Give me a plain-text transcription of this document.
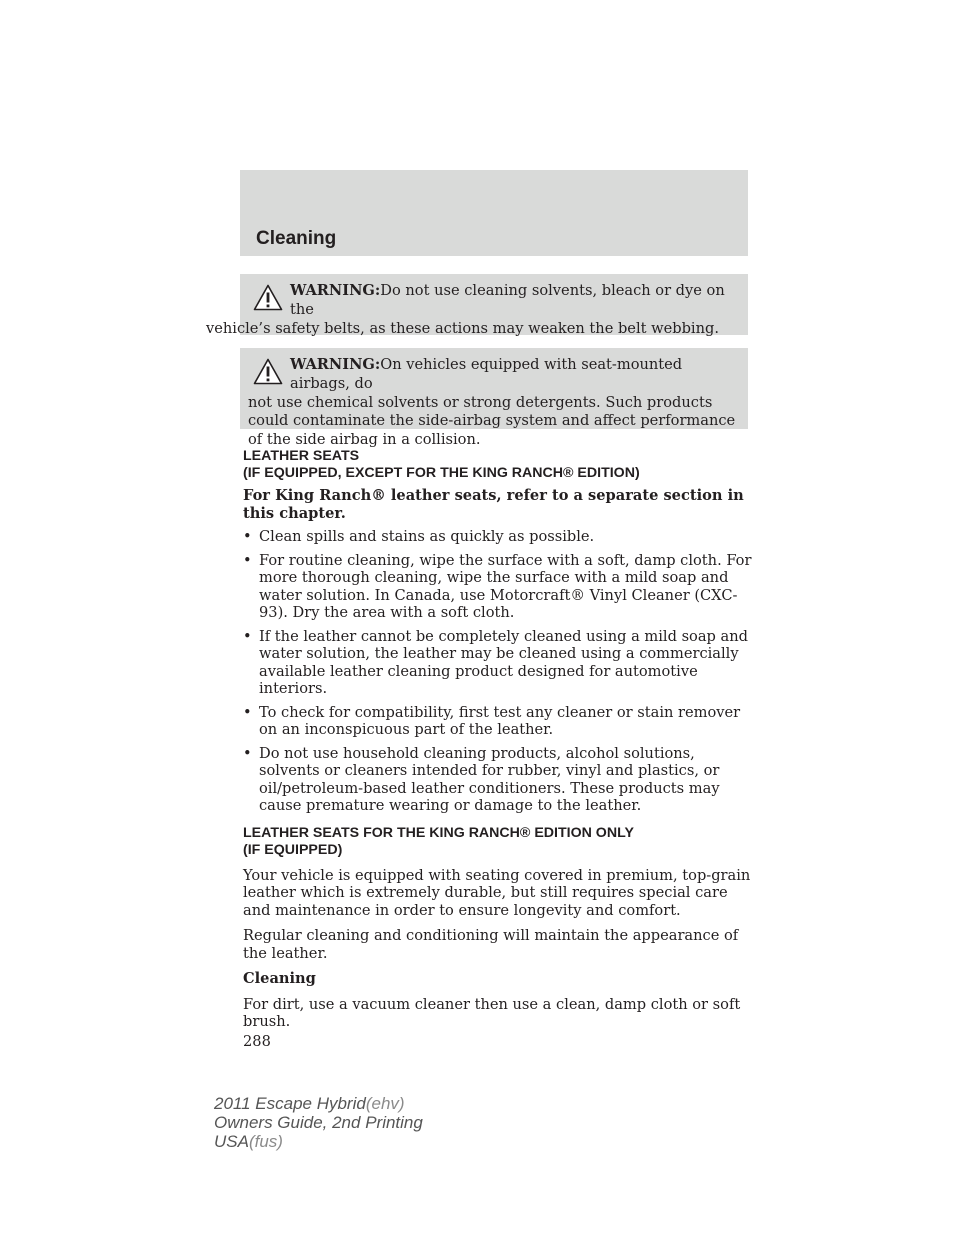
Cleaning
WARNING:Do not use cleaning solvents, bleach or dye on the
vehicle’s safety belts, as these actions may weaken the belt webbing.
WARNING:On vehicles equipped with seat-mounted airbags, do
not use chemical solvents or strong detergents. Such products could contaminate the side-airbag system and affect performance of the side airbag in a collision.

LEATHER SEATS
(IF EQUIPPED, EXCEPT FOR THE KING RANCH® EDITION)

For King Ranch® leather seats, refer to a separate section in this chapter.

• Clean spills and stains as quickly as possible.
• For routine cleaning, wipe the surface with a soft, damp cloth. For more thorough cleaning, wipe the surface with a mild soap and water solution. In Canada, use Motorcraft® Vinyl Cleaner (CXC-93). Dry the area with a soft cloth.
• If the leather cannot be completely cleaned using a mild soap and water solution, the leather may be cleaned using a commercially available leather cleaning product designed for automotive interiors.
• To check for compatibility, first test any cleaner or stain remover on an inconspicuous part of the leather.
• Do not use household cleaning products, alcohol solutions, solvents or cleaners intended for rubber, vinyl and plastics, or oil/petroleum-based leather conditioners. These products may cause premature wearing or damage to the leather.

LEATHER SEATS FOR THE KING RANCH® EDITION ONLY
(IF EQUIPPED)

Your vehicle is equipped with seating covered in premium, top-grain leather which is extremely durable, but still requires special care and maintenance in order to ensure longevity and comfort.

Regular cleaning and conditioning will maintain the appearance of the leather.

Cleaning

For dirt, use a vacuum cleaner then use a clean, damp cloth or soft brush.

288
2011 Escape Hybrid(ehv)
Owners Guide, 2nd Printing
USA(fus)
